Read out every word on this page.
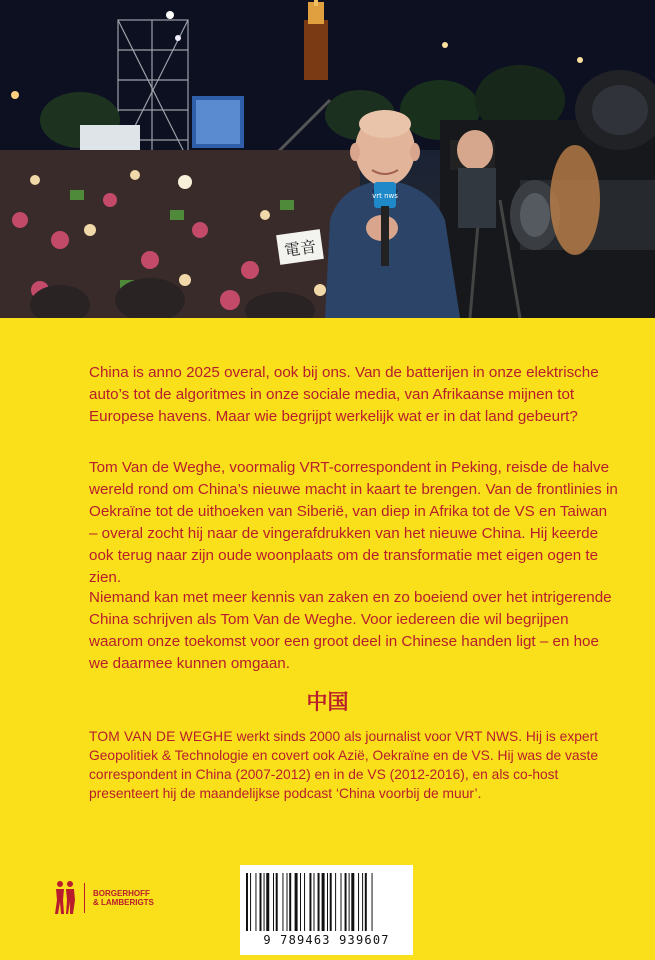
電音
vrt nws

China is anno 2025 overal, ook bij ons. Van de batterijen in onze elektrische auto’s tot de algoritmes in onze sociale media, van Afrikaanse mijnen tot Europese havens. Maar wie begrijpt werkelijk wat er in dat land gebeurt?

Tom Van de Weghe, voormalig VRT-correspondent in Peking, reisde de halve wereld rond om China’s nieuwe macht in kaart te brengen. Van de frontlinies in Oekraïne tot de uithoeken van Siberië, van diep in Afrika tot de VS en Taiwan – overal zocht hij naar de vingerafdrukken van het nieuwe China. Hij keerde ook terug naar zijn oude woonplaats om de transformatie met eigen ogen te zien.

Niemand kan met meer kennis van zaken en zo boeiend over het intrigerende China schrijven als Tom Van de Weghe. Voor iedereen die wil begrijpen waarom onze toekomst voor een groot deel in Chinese handen ligt – en hoe we daarmee kunnen omgaan.

中国

TOM VAN DE WEGHE werkt sinds 2000 als journalist voor VRT NWS. Hij is expert Geopolitiek & Technologie en covert ook Azië, Oekraïne en de VS. Hij was de vaste correspondent in China (2007-2012) en in de VS (2012-2016), en als co-host presenteert hij de maandelijkse podcast ‘China voorbij de muur’.

BORGERHOFF
& LAMBERIGTS
9 789463 939607
